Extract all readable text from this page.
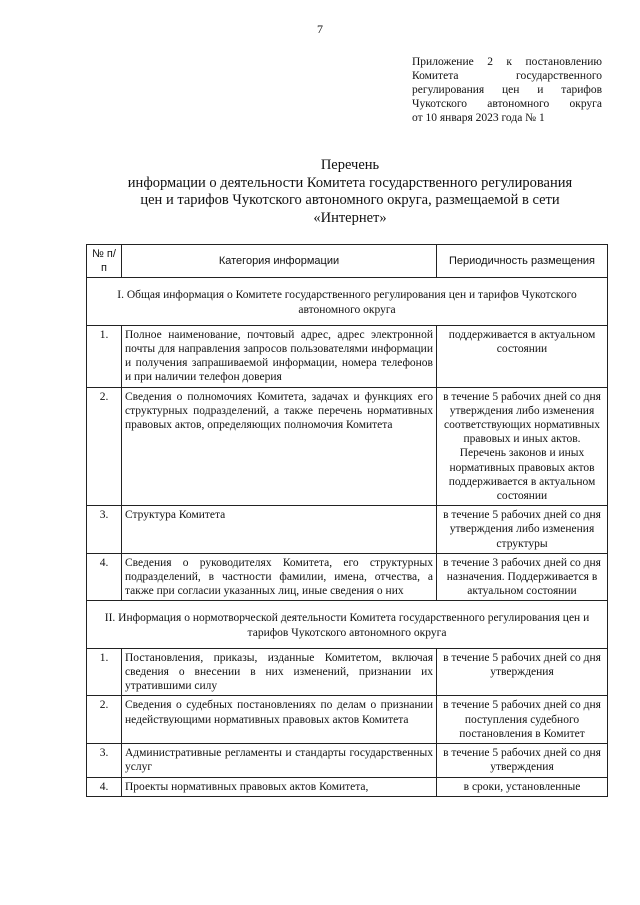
7
Приложение 2 к постановлению
Комитета государственного
регулирования цен и тарифов
Чукотского автономного округа
от 10 января 2023 года № 1
Перечень
информации о деятельности Комитета государственного регулирования
цен и тарифов Чукотского автономного округа, размещаемой в сети
«Интернет»
№ п/п	Категория информации	Периодичность размещения
I. Общая информация о Комитете государственного регулирования цен и тарифов Чукотского автономного округа		
1.	Полное наименование, почтовый адрес, адрес электронной почты для направления запросов пользователями информации и получения запрашиваемой информации, номера телефонов и при наличии телефон доверия	поддерживается в актуальном состоянии
2.	Сведения о полномочиях Комитета, задачах и функциях его структурных подразделений, а также перечень нормативных правовых актов, определяющих полномочия Комитета	в течение 5 рабочих дней со дня утверждения либо изменения соответствующих нормативных правовых и иных актов. Перечень законов и иных нормативных правовых актов поддерживается в актуальном состоянии
3.	Структура Комитета	в течение 5 рабочих дней со дня утверждения либо изменения структуры
4.	Сведения о руководителях Комитета, его структурных подразделений, в частности фамилии, имена, отчества, а также при согласии указанных лиц, иные сведения о них	в течение 3 рабочих дней со дня назначения. Поддерживается в актуальном состоянии
II. Информация о нормотворческой деятельности Комитета государственного регулирования цен и тарифов Чукотского автономного округа		
1.	Постановления, приказы, изданные Комитетом, включая сведения о внесении в них изменений, признании их утратившими силу	в течение 5 рабочих дней со дня утверждения
2.	Сведения о судебных постановлениях по делам о признании недействующими нормативных правовых актов Комитета	в течение 5 рабочих дней со дня поступления судебного постановления в Комитет
3.	Административные регламенты и стандарты государственных услуг	в течение 5 рабочих дней со дня утверждения
4.	Проекты нормативных правовых актов Комитета,	в сроки, установленные
